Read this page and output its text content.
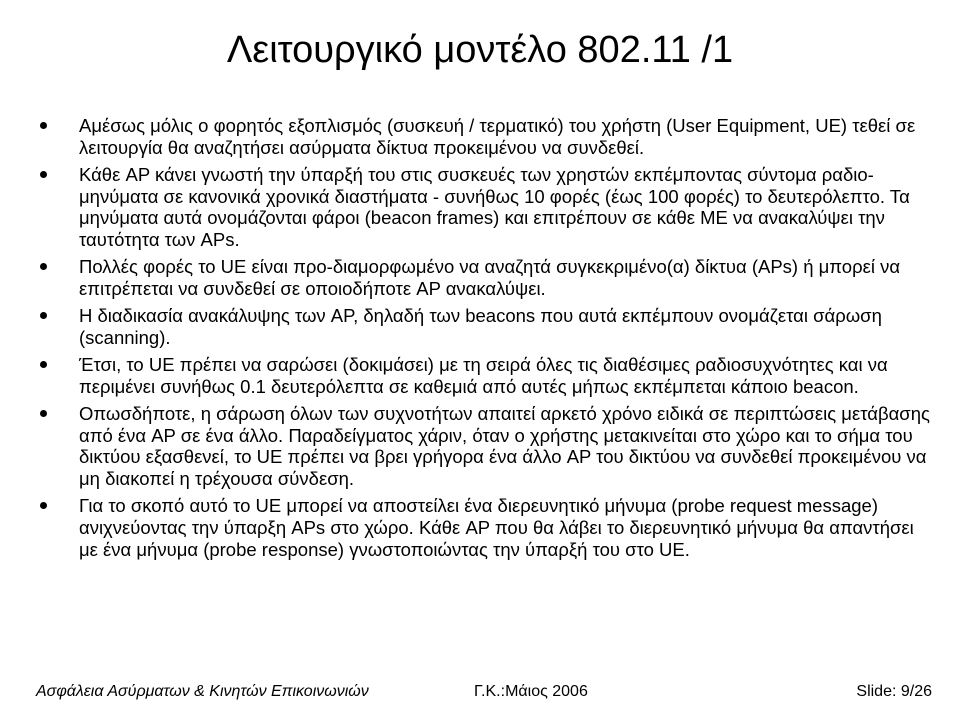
Λειτουργικό μοντέλο 802.11 /1
Αμέσως μόλις ο φορητός εξοπλισμός (συσκευή / τερματικό) του χρήστη (User Equipment, UE) τεθεί σε λειτουργία θα αναζητήσει ασύρματα δίκτυα προκειμένου να συνδεθεί.
Κάθε AP κάνει γνωστή την ύπαρξή του στις συσκευές των χρηστών εκπέμποντας σύντομα ραδιο-μηνύματα σε κανονικά χρονικά διαστήματα - συνήθως 10 φορές (έως 100 φορές) το δευτερόλεπτο. Τα μηνύματα αυτά ονομάζονται φάροι (beacon frames) και επιτρέπουν σε κάθε ΜΕ να ανακαλύψει την ταυτότητα των APs.
Πολλές φορές το UE είναι προ-διαμορφωμένο να αναζητά συγκεκριμένο(α) δίκτυα (APs) ή μπορεί να επιτρέπεται να συνδεθεί σε οποιοδήποτε AP ανακαλύψει.
Η διαδικασία ανακάλυψης των AP, δηλαδή των beacons που αυτά εκπέμπουν ονομάζεται σάρωση (scanning).
Έτσι, το UE πρέπει να σαρώσει (δοκιμάσει) με τη σειρά όλες τις διαθέσιμες ραδιοσυχνότητες και να περιμένει συνήθως 0.1 δευτερόλεπτα σε καθεμιά από αυτές μήπως εκπέμπεται κάποιο beacon.
Οπωσδήποτε, η σάρωση όλων των συχνοτήτων απαιτεί αρκετό χρόνο ειδικά σε περιπτώσεις μετάβασης από ένα AP σε ένα άλλο. Παραδείγματος χάριν, όταν ο χρήστης μετακινείται στο χώρο και το σήμα του δικτύου εξασθενεί, το UE πρέπει να βρει γρήγορα ένα άλλο AP του δικτύου να συνδεθεί προκειμένου να μη διακοπεί η τρέχουσα σύνδεση.
Για το σκοπό αυτό το UE μπορεί να αποστείλει ένα διερευνητικό μήνυμα (probe request message) ανιχνεύοντας την ύπαρξη APs στο χώρο. Κάθε AP που θα λάβει το διερευνητικό μήνυμα θα απαντήσει με ένα μήνυμα (probe response) γνωστοποιώντας την ύπαρξή του στο UE.
Ασφάλεια Ασύρματων & Κινητών Επικοινωνιών	Γ.Κ.:Μάιος 2006	Slide: 9/26
